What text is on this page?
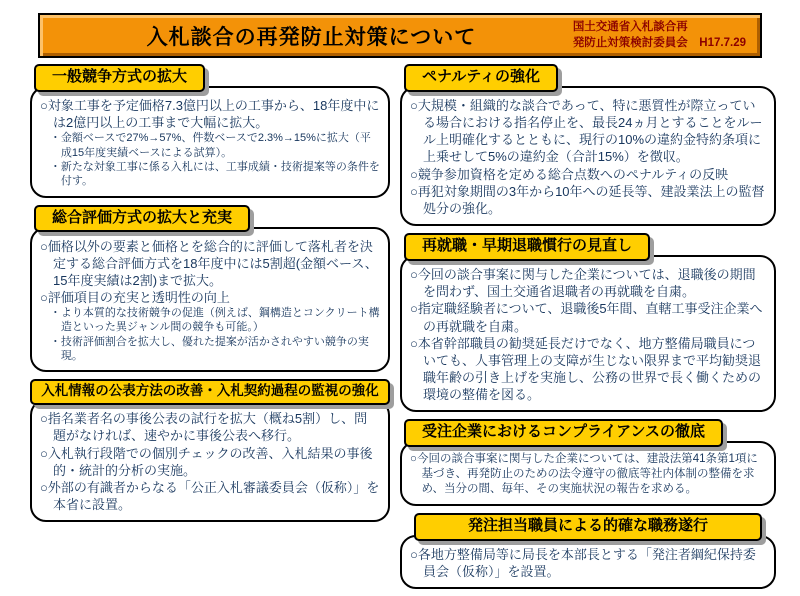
入札談合の再発防止対策について	国土交通省入札談合再
発防止対策検討委員会　H17.7.29
一般競争方式の拡大

○対象工事を予定価格7.3億円以上の工事から、18年度中には2億円以上の工事まで大幅に拡大。

・金額ベースで27%→57%、件数ベースで2.3%→15%に拡大（平成15年度実績ベースによる試算）。

・新たな対象工事に係る入札には、工事成績・技術提案等の条件を付す。

総合評価方式の拡大と充実

○価格以外の要素と価格とを総合的に評価して落札者を決定する総合評価方式を18年度中には5割超(金額ベース、15年度実績は2割)まで拡大。

○評価項目の充実と透明性の向上

・より本質的な技術競争の促進（例えば、鋼構造とコンクリート構造といった異ジャンル間の競争も可能。）

・技術評価割合を拡大し、優れた提案が活かされやすい競争の実現。

入札情報の公表方法の改善・入札契約過程の監視の強化

○指名業者名の事後公表の試行を拡大（概ね5割）し、問題がなければ、速やかに事後公表へ移行。

○入札執行段階での個別チェックの改善、入札結果の事後的・統計的分析の実施。

○外部の有識者からなる「公正入札審議委員会（仮称）」を本省に設置。

ペナルティの強化

○大規模・組織的な談合であって、特に悪質性が際立っている場合における指名停止を、最長24ヵ月とすることをルール上明確化するとともに、現行の10%の違約金特約条項に上乗せして5%の違約金（合計15%）を徴収。

○競争参加資格を定める総合点数へのペナルティの反映

○再犯対象期間の3年から10年への延長等、建設業法上の監督処分の強化。

再就職・早期退職慣行の見直し

○今回の談合事案に関与した企業については、退職後の期間を問わず、国土交通省退職者の再就職を自粛。

○指定職経験者について、退職後5年間、直轄工事受注企業への再就職を自粛。

○本省幹部職員の勧奨延長だけでなく、地方整備局職員についても、人事管理上の支障が生じない限界まで平均勧奨退職年齢の引き上げを実施し、公務の世界で長く働くための環境の整備を図る。

受注企業におけるコンプライアンスの徹底

○今回の談合事案に関与した企業については、建設法第41条第1項に基づき、再発防止のための法令遵守の徹底等社内体制の整備を求め、当分の間、毎年、その実施状況の報告を求める。

発注担当職員による的確な職務遂行

○各地方整備局等に局長を本部長とする「発注者綱紀保持委員会（仮称）」を設置。
